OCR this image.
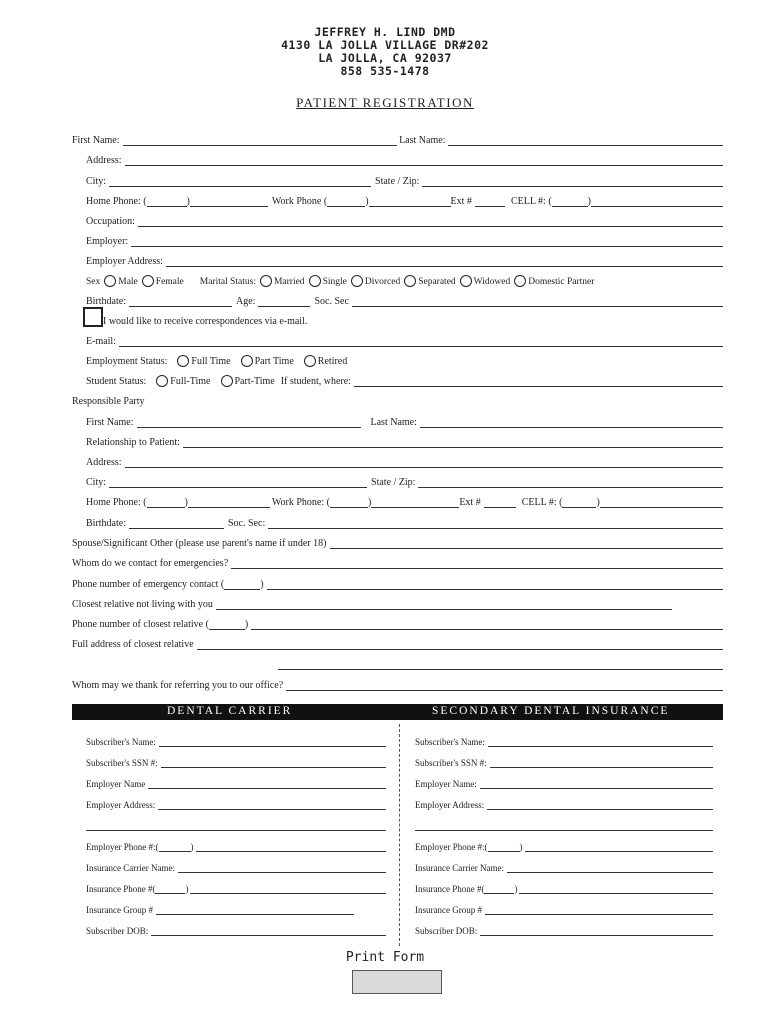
JEFFREY H. LIND DMD
4130 LA JOLLA VILLAGE DR#202
LA JOLLA, CA 92037
858 535-1478
PATIENT REGISTRATION
First Name:	Last Name:
Address:
City:	State / Zip:
Home Phone: (	)	Work Phone (	)	Ext #	CELL #: (	)
Occupation:
Employer:
Employer Address:
Sex Male Female Marital Status: Married Single Divorced Separated Widowed Domestic Partner
Birthdate:	Age:	Soc. Sec
I would like to receive correspondences via e-mail.
E-mail:
Employment Status: Full Time Part Time Retired
Student Status: Full-Time Part-Time If student, where:
Responsible Party
First Name:	Last Name:
Relationship to Patient:
Address:
City:	State / Zip:
Home Phone: (	)	Work Phone: (	)	Ext #	CELL #: (	)
Birthdate:	Soc. Sec:
Spouse/Significant Other (please use parent's name if under 18)
Whom do we contact for emergencies?
Phone number of emergency contact (	)
Closest relative not living with you
Phone number of closest relative (	)
Full address of closest relative
Whom may we thank for referring you to our office?
DENTAL CARRIER	SECONDARY DENTAL INSURANCE
Subscriber's Name:
Subscriber's SSN #:
Employer Name
Employer Address:
Employer Phone #:(	)
Insurance Carrier Name:
Insurance Phone #(	)
Insurance Group #
Subscriber DOB:
Subscriber's Name:
Subscriber's SSN #:
Employer Name:
Employer Address:
Employer Phone #:(	)
Insurance Carrier Name:
Insurance Phone #(	)
Insurance Group #
Subscriber DOB:
Print Form
